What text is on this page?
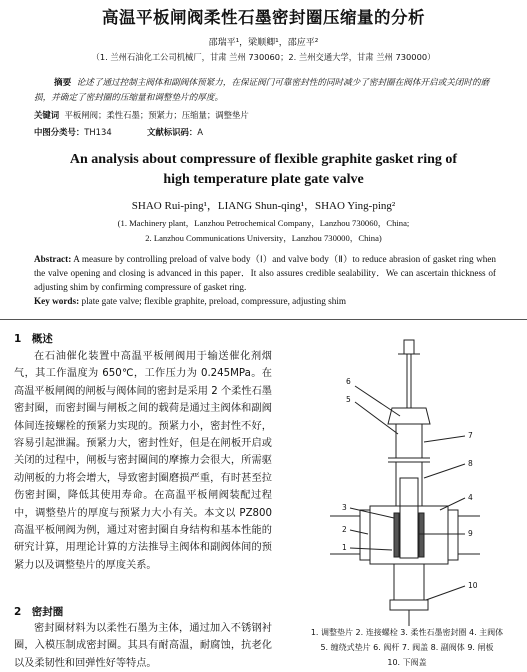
高温平板闸阀柔性石墨密封圈压缩量的分析
邵瑞平¹，梁顺卿¹，邵应平²
（1. 兰州石油化工公司机械厂，甘肃 兰州 730060；2. 兰州交通大学，甘肃 兰州 730000）
摘要 论述了通过控制主阀体和副阀体预紧力，在保证阀门可靠密封性的同时减少了密封圈在阀体开启或关闭时的磨损，并确定了密封圈的压缩量和调整垫片的厚度。
关键词 平板闸阀；柔性石墨；预紧力；压缩量；调整垫片
中图分类号：TH134	文献标识码：A
An analysis about compressure of flexible graphite gasket ring of
high temperature plate gate valve
SHAO Rui-ping¹，LIANG Shun-qing¹，SHAO Ying-ping²
(1. Machinery plant，Lanzhou Petrochemical Company，Lanzhou 730060，China;
2. Lanzhou Communications University，Lanzhou 730000，China)
Abstract: A measure by controlling preload of valve body（Ⅰ）and valve body（Ⅱ）to reduce abrasion of gasket ring when the valve opening and closing is advanced in this paper．It also assures credible sealability．We can ascertain thickness of adjusting shim by confirming compressure of gasket ring.
Key words: plate gate valve; flexible graphite, preload, compressure, adjusting shim
1　概述
在石油催化装置中高温平板闸阀用于输送催化剂烟气，其工作温度为 650℃，工作压力为 0.245MPa。在高温平板闸阀的闸板与阀体间的密封是采用 2 个柔性石墨密封圈，而密封圈与闸板之间的载荷是通过主阀体和副阀体间连接螺栓的预紧力实现的。预紧力小，密封性不好，容易引起泄漏。预紧力大，密封性好，但是在闸板开启或关闭的过程中，闸板与密封圈间的摩擦力会很大，所需驱动闸板的力将会增大，导致密封圈磨损严重，有时甚至拉伤密封圈，降低其使用寿命。在高温平板闸阀装配过程中，调整垫片的厚度与预紧力大小有关。本文以 PZ800 高温平板闸阀为例，通过对密封圈自身结构和基本性能的研究计算，用理论计算的方法推导主阀体和副阀体间的预紧力以及调整垫片的厚度关系。
2　密封圈
密封圈材料为以柔性石墨为主体，通过加入不锈钢衬圈，入模压制成密封圈。其具有耐高温，耐腐蚀，抗老化以及柔韧性和回弹性好等特点。
6
5
7
8
4
9
3
2
1
10
1. 调整垫片 2. 连接螺栓 3. 柔性石墨密封圈 4. 主阀体
5. 缠绕式垫片 6. 阀杆 7. 阀盖 8. 副阀体 9. 闸板
10. 下阀盖
